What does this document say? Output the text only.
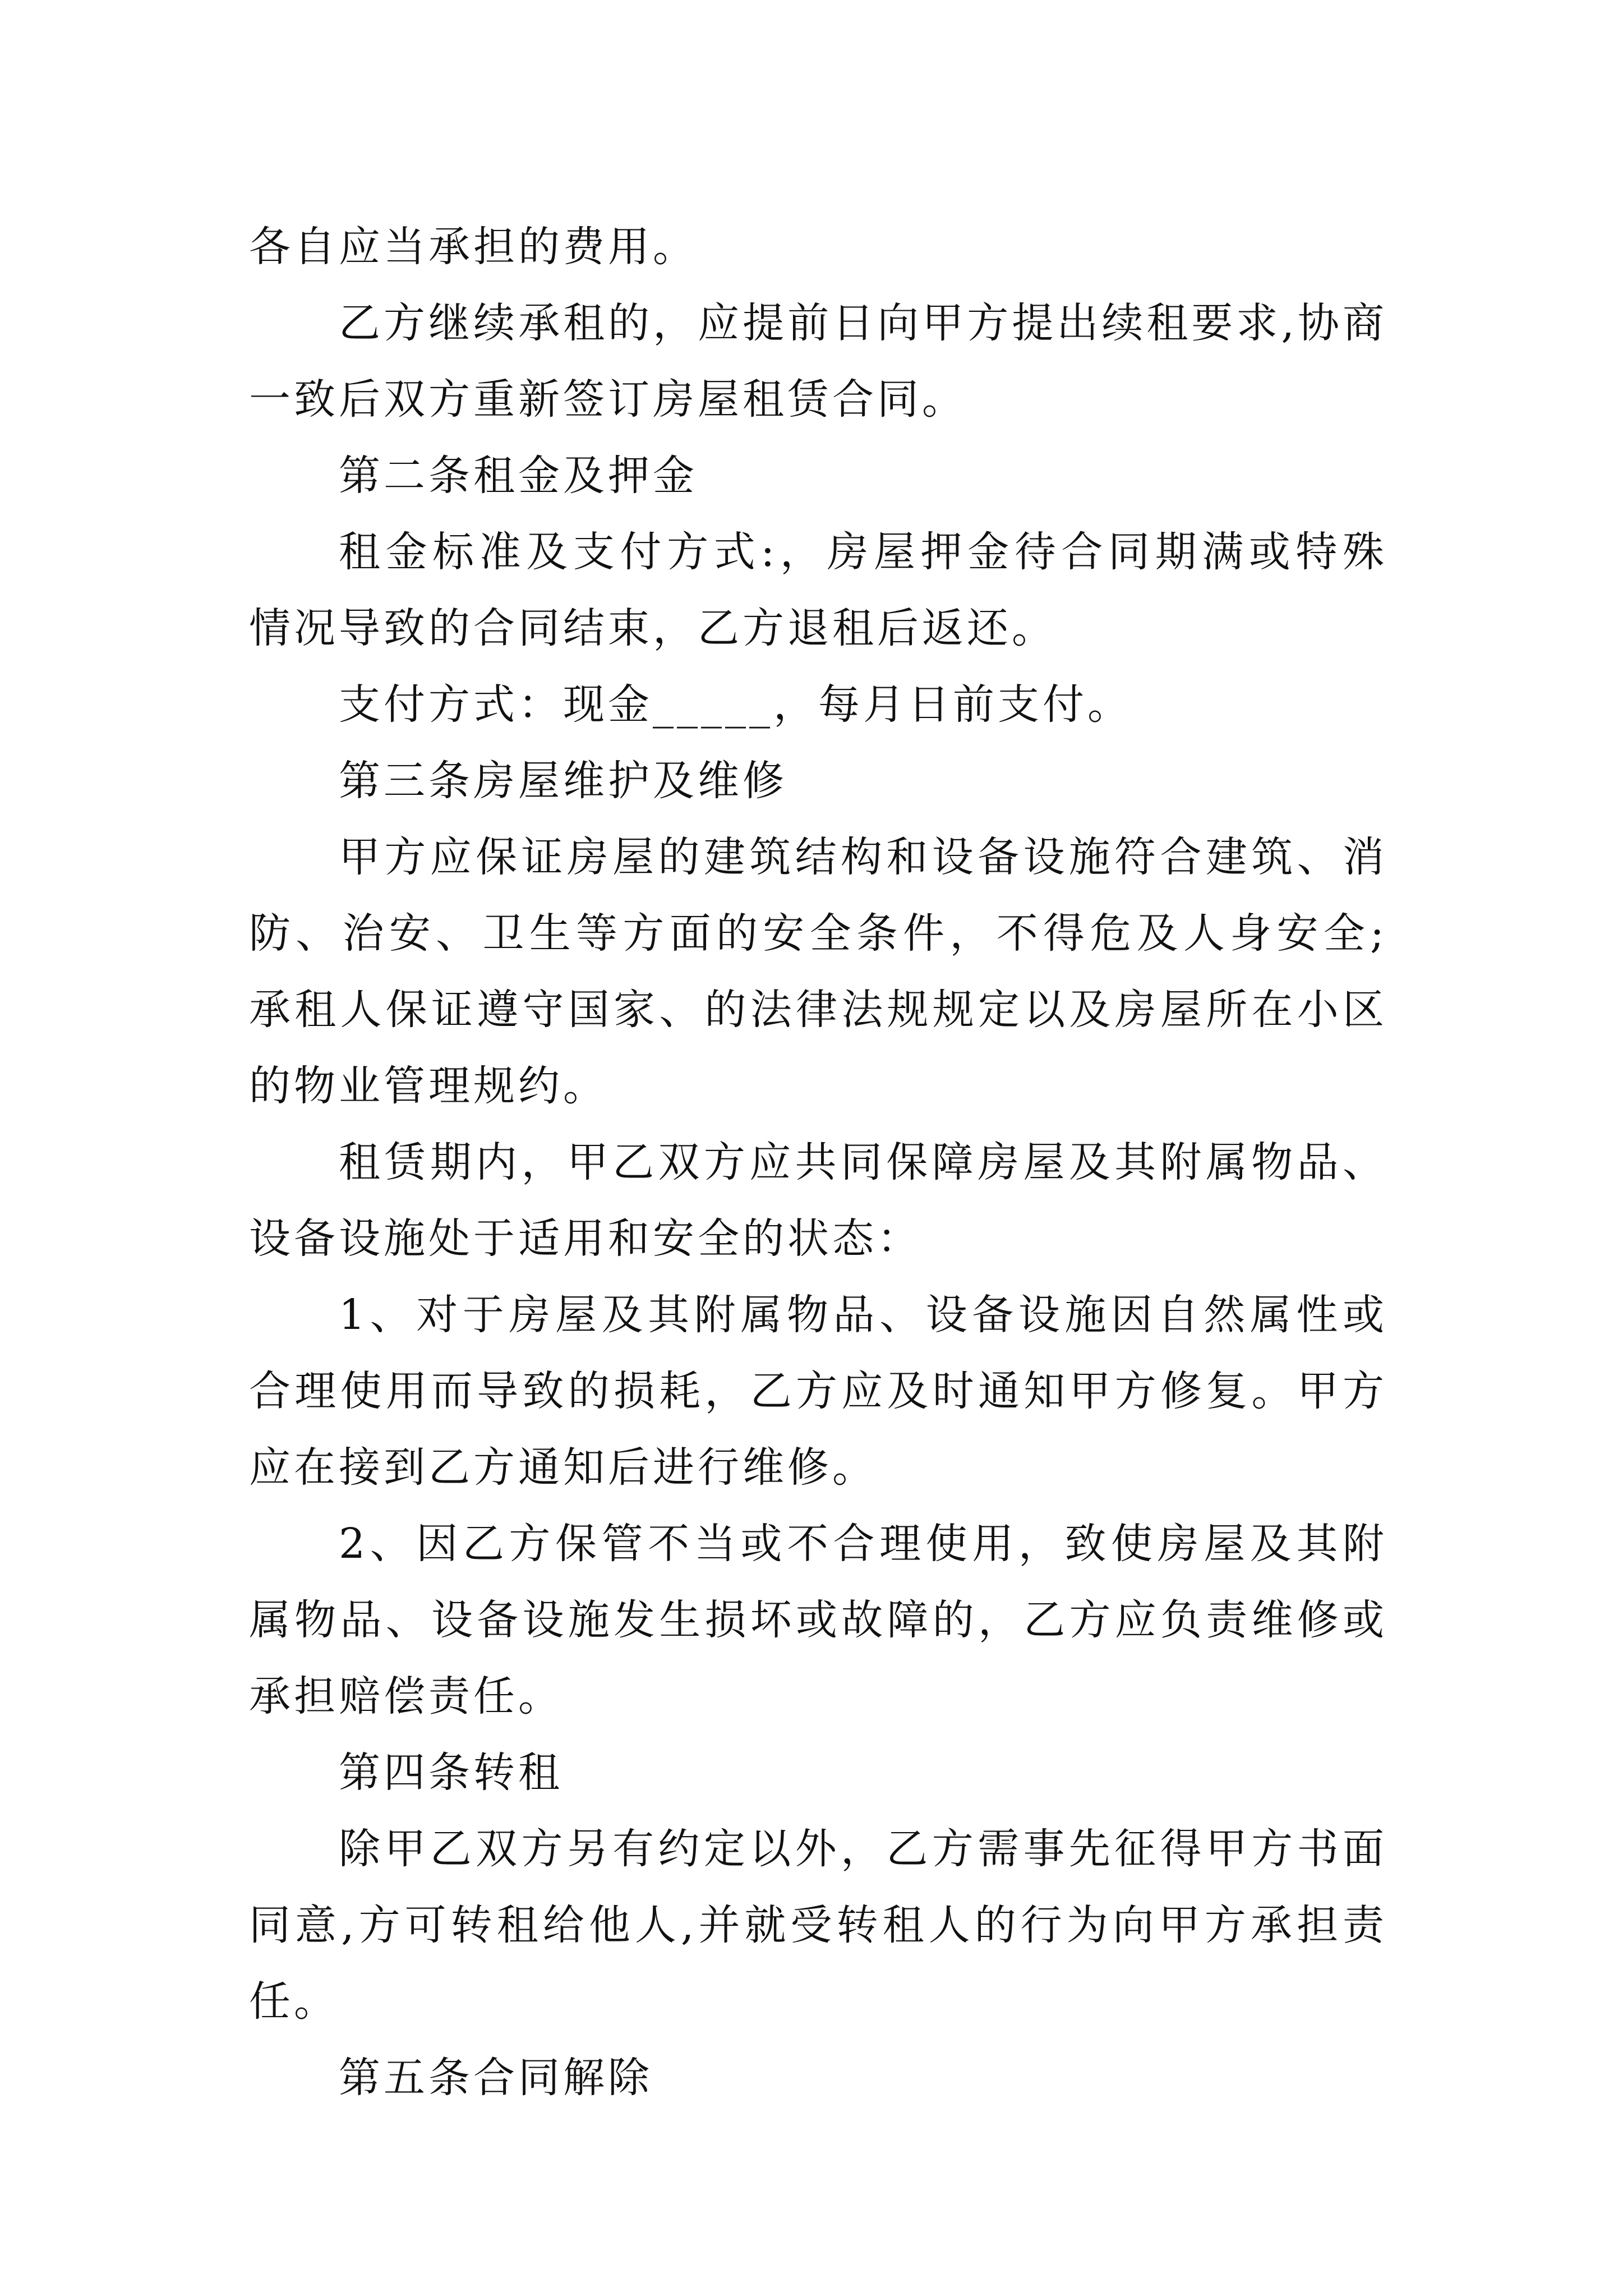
各自应当承担的费用。

乙方继续承租的，应提前日向甲方提出续租要求,协商一致后双方重新签订房屋租赁合同。

第二条租金及押金

租金标准及支付方式:，房屋押金待合同期满或特殊情况导致的合同结束，乙方退租后返还。

支付方式：现金_____，每月日前支付。

第三条房屋维护及维修

甲方应保证房屋的建筑结构和设备设施符合建筑、消防、治安、卫生等方面的安全条件，不得危及人身安全;承租人保证遵守国家、的法律法规规定以及房屋所在小区的物业管理规约。

租赁期内，甲乙双方应共同保障房屋及其附属物品、设备设施处于适用和安全的状态：

1、对于房屋及其附属物品、设备设施因自然属性或合理使用而导致的损耗，乙方应及时通知甲方修复。甲方应在接到乙方通知后进行维修。

2、因乙方保管不当或不合理使用，致使房屋及其附属物品、设备设施发生损坏或故障的，乙方应负责维修或承担赔偿责任。

第四条转租

除甲乙双方另有约定以外，乙方需事先征得甲方书面同意,方可转租给他人,并就受转租人的行为向甲方承担责任。

第五条合同解除
